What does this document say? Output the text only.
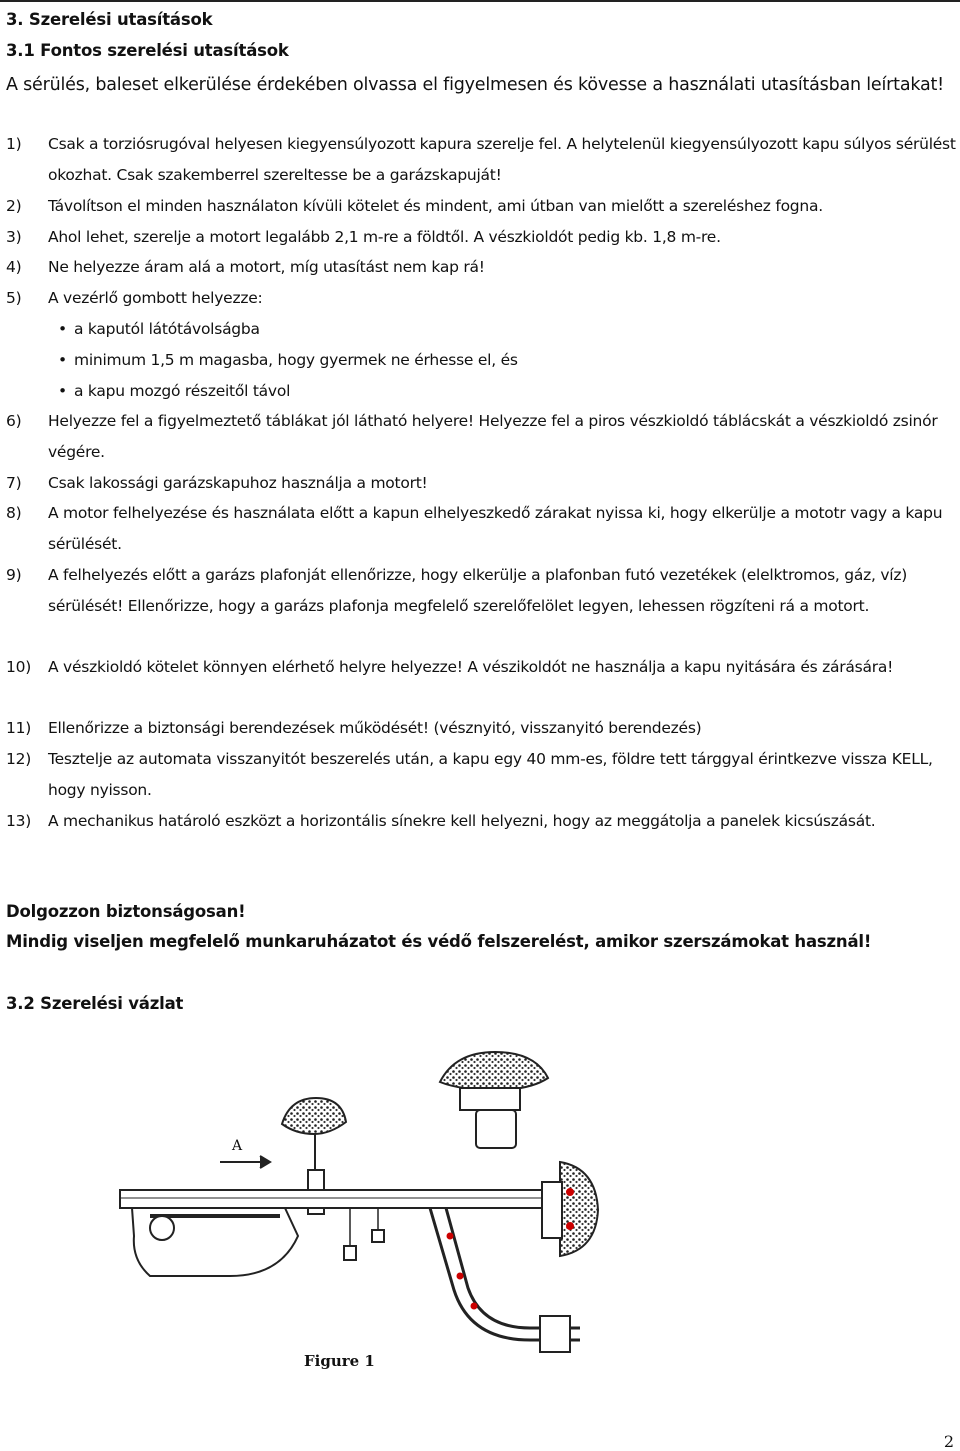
3. Szerelési utasítások
3.1 Fontos szerelési utasítások
A sérülés, baleset elkerülése érdekében olvassa el figyelmesen és kövesse a használati utasításban leírtakat!
1) Csak a torziósrugóval helyesen kiegyensúlyozott kapura szerelje fel. A helytelenül kiegyensúlyozott kapu súlyos sérülést okozhat. Csak szakemberrel szereltesse be a garázskapuját!
2) Távolítson el minden használaton kívüli kötelet és mindent, ami útban van mielőtt a szereléshez fogna.
3) Ahol lehet, szerelje a motort legalább 2,1 m-re a földtől. A vészkioldót pedig kb. 1,8 m-re.
4) Ne helyezze áram alá a motort, míg utasítást nem kap rá!
5) A vezérlő gombott helyezze:
• a kaputól látótávolságba
• minimum 1,5 m magasba, hogy gyermek ne érhesse el, és
• a kapu mozgó részeitől távol
6) Helyezze fel a figyelmeztető táblákat jól látható helyere! Helyezze fel a piros vészkioldó táblácskát a vészkioldó zsinór végére.
7) Csak lakossági garázskapuhoz használja a motort!
8) A motor felhelyezése és használata előtt a kapun elhelyeszkedő zárakat nyissa ki, hogy elkerülje a mototr vagy a kapu sérülését.
9) A felhelyezés előtt a garázs plafonját ellenőrizze, hogy elkerülje a plafonban futó vezetékek (elelktromos, gáz, víz) sérülését! Ellenőrizze, hogy a garázs plafonja megfelelő szerelőfelölet legyen, lehessen rögzíteni rá a motort.
10) A vészkioldó kötelet könnyen elérhető helyre helyezze! A vészikoldót ne használja a kapu nyitására és zárására!
11) Ellenőrizze a biztonsági berendezések működését! (vésznyitó, visszanyitó berendezés)
12) Tesztelje az automata visszanyitót beszerelés után, a kapu egy 40 mm-es, földre tett tárggyal érintkezve vissza KELL, hogy nyisson.
13) A mechanikus határoló eszközt a horizontális sínekre kell helyezni, hogy az meggátolja a panelek kicsúszását.
Dolgozzon biztonságosan!
Mindig viseljen megfelelő munkaruházatot és védő felszerelést, amikor szerszámokat használ!
3.2 Szerelési vázlat
A
Figure 1
2
